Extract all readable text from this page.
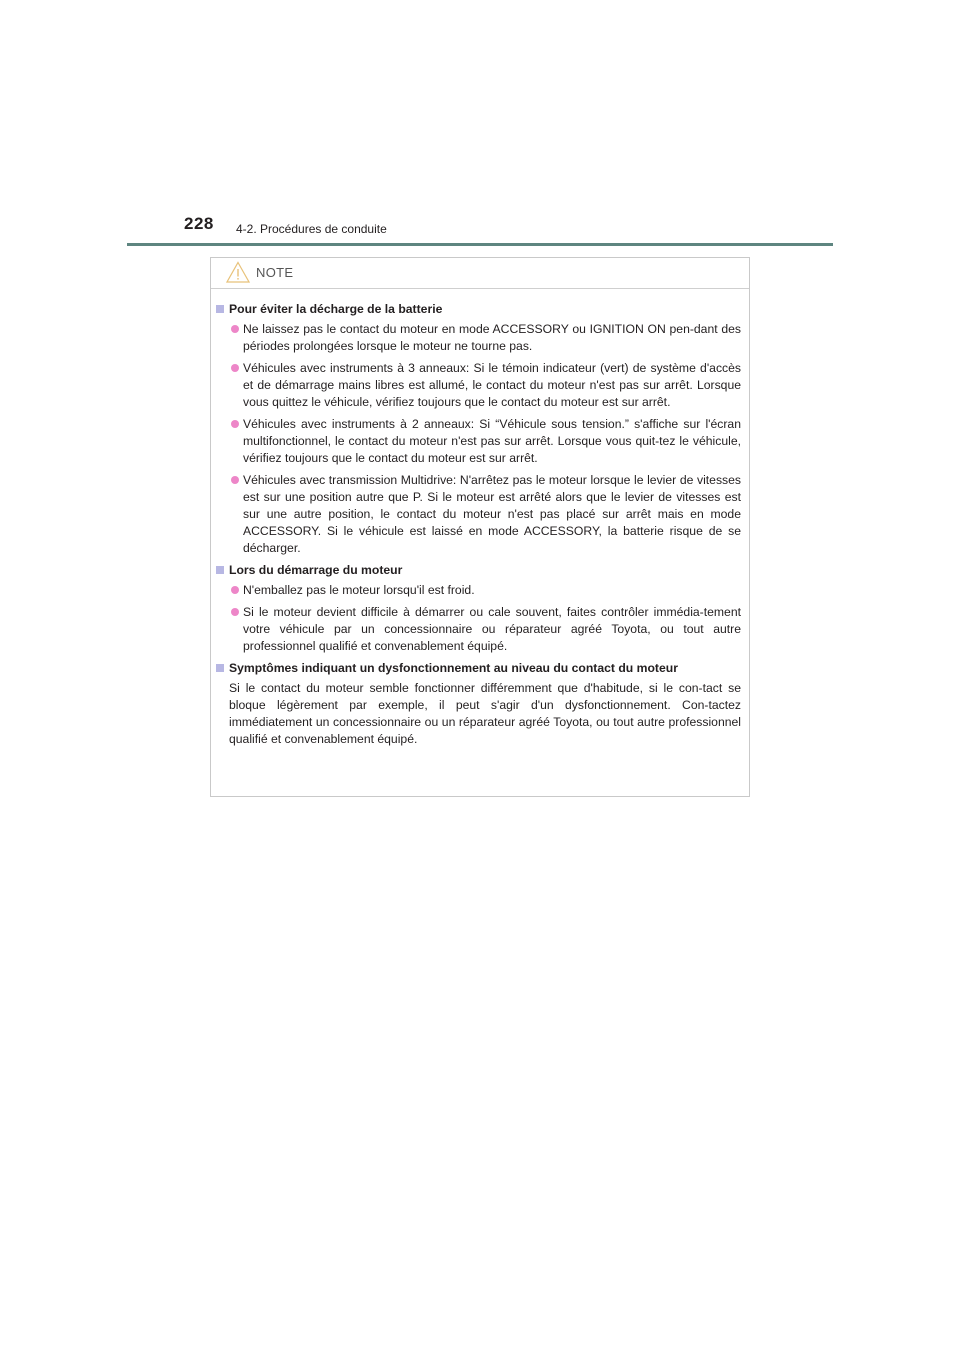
228 4-2. Procédures de conduite
NOTE
Pour éviter la décharge de la batterie
Ne laissez pas le contact du moteur en mode ACCESSORY ou IGNITION ON pen-dant des périodes prolongées lorsque le moteur ne tourne pas.
Véhicules avec instruments à 3 anneaux: Si le témoin indicateur (vert) de système d'accès et de démarrage mains libres est allumé, le contact du moteur n'est pas sur arrêt. Lorsque vous quittez le véhicule, vérifiez toujours que le contact du moteur est sur arrêt.
Véhicules avec instruments à 2 anneaux: Si “Véhicule sous tension.” s'affiche sur l'écran multifonctionnel, le contact du moteur n'est pas sur arrêt. Lorsque vous quit-tez le véhicule, vérifiez toujours que le contact du moteur est sur arrêt.
Véhicules avec transmission Multidrive: N'arrêtez pas le moteur lorsque le levier de vitesses est sur une position autre que P. Si le moteur est arrêté alors que le levier de vitesses est sur une autre position, le contact du moteur n'est pas placé sur arrêt mais en mode ACCESSORY. Si le véhicule est laissé en mode ACCESSORY, la batterie risque de se décharger.
Lors du démarrage du moteur
N'emballez pas le moteur lorsqu'il est froid.
Si le moteur devient difficile à démarrer ou cale souvent, faites contrôler immédia-tement votre véhicule par un concessionnaire ou réparateur agréé Toyota, ou tout autre professionnel qualifié et convenablement équipé.
Symptômes indiquant un dysfonctionnement au niveau du contact du moteur
Si le contact du moteur semble fonctionner différemment que d'habitude, si le con-tact se bloque légèrement par exemple, il peut s'agir d'un dysfonctionnement. Con-tactez immédiatement un concessionnaire ou un réparateur agréé Toyota, ou tout autre professionnel qualifié et convenablement équipé.
